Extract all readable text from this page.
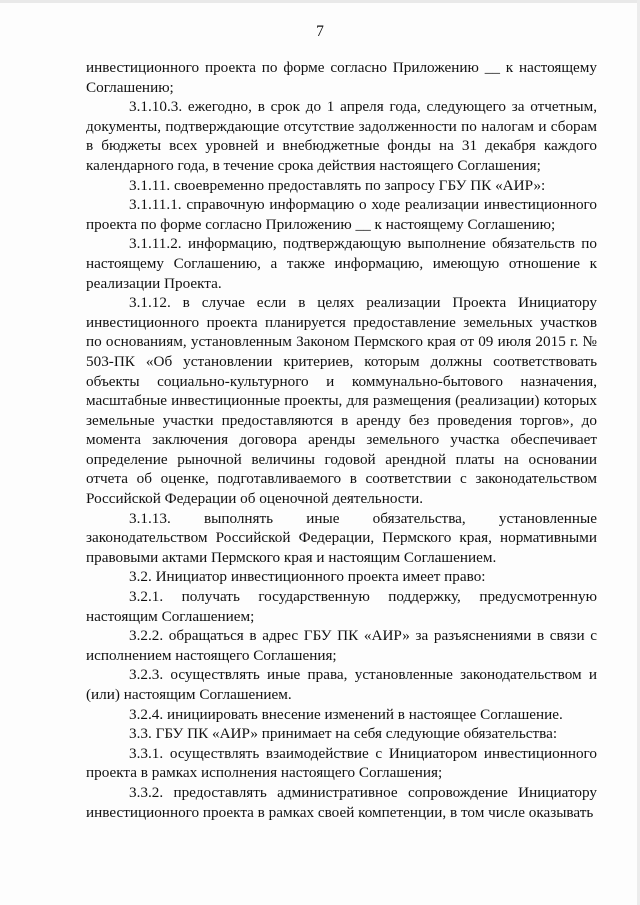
7

инвестиционного проекта по форме согласно Приложению __ к настоящему Соглашению;

3.1.10.3. ежегодно, в срок до 1 апреля года, следующего за отчетным, документы, подтверждающие отсутствие задолженности по налогам и сборам в бюджеты всех уровней и внебюджетные фонды на 31 декабря каждого календарного года, в течение срока действия настоящего Соглашения;

3.1.11. своевременно предоставлять по запросу ГБУ ПК «АИР»:

3.1.11.1. справочную информацию о ходе реализации инвестиционного проекта по форме согласно Приложению __ к настоящему Соглашению;

3.1.11.2. информацию, подтверждающую выполнение обязательств по настоящему Соглашению, а также информацию, имеющую отношение к реализации Проекта.

3.1.12. в случае если в целях реализации Проекта Инициатору инвестиционного проекта планируется предоставление земельных участков по основаниям, установленным Законом Пермского края от 09 июля 2015 г. № 503-ПК «Об установлении критериев, которым должны соответствовать объекты социально-культурного и коммунально-бытового назначения, масштабные инвестиционные проекты, для размещения (реализации) которых земельные участки предоставляются в аренду без проведения торгов», до момента заключения договора аренды земельного участка обеспечивает определение рыночной величины годовой арендной платы на основании отчета об оценке, подготавливаемого в соответствии с законодательством Российской Федерации об оценочной деятельности.

3.1.13. выполнять иные обязательства, установленные законодательством Российской Федерации, Пермского края, нормативными правовыми актами Пермского края и настоящим Соглашением.

3.2. Инициатор инвестиционного проекта имеет право:

3.2.1. получать государственную поддержку, предусмотренную настоящим Соглашением;

3.2.2. обращаться в адрес ГБУ ПК «АИР» за разъяснениями в связи с исполнением настоящего Соглашения;

3.2.3. осуществлять иные права, установленные законодательством и (или) настоящим Соглашением.

3.2.4. инициировать внесение изменений в настоящее Соглашение.

3.3. ГБУ ПК «АИР» принимает на себя следующие обязательства:

3.3.1. осуществлять взаимодействие с Инициатором инвестиционного проекта в рамках исполнения настоящего Соглашения;

3.3.2. предоставлять административное сопровождение Инициатору инвестиционного проекта в рамках своей компетенции, в том числе оказывать
